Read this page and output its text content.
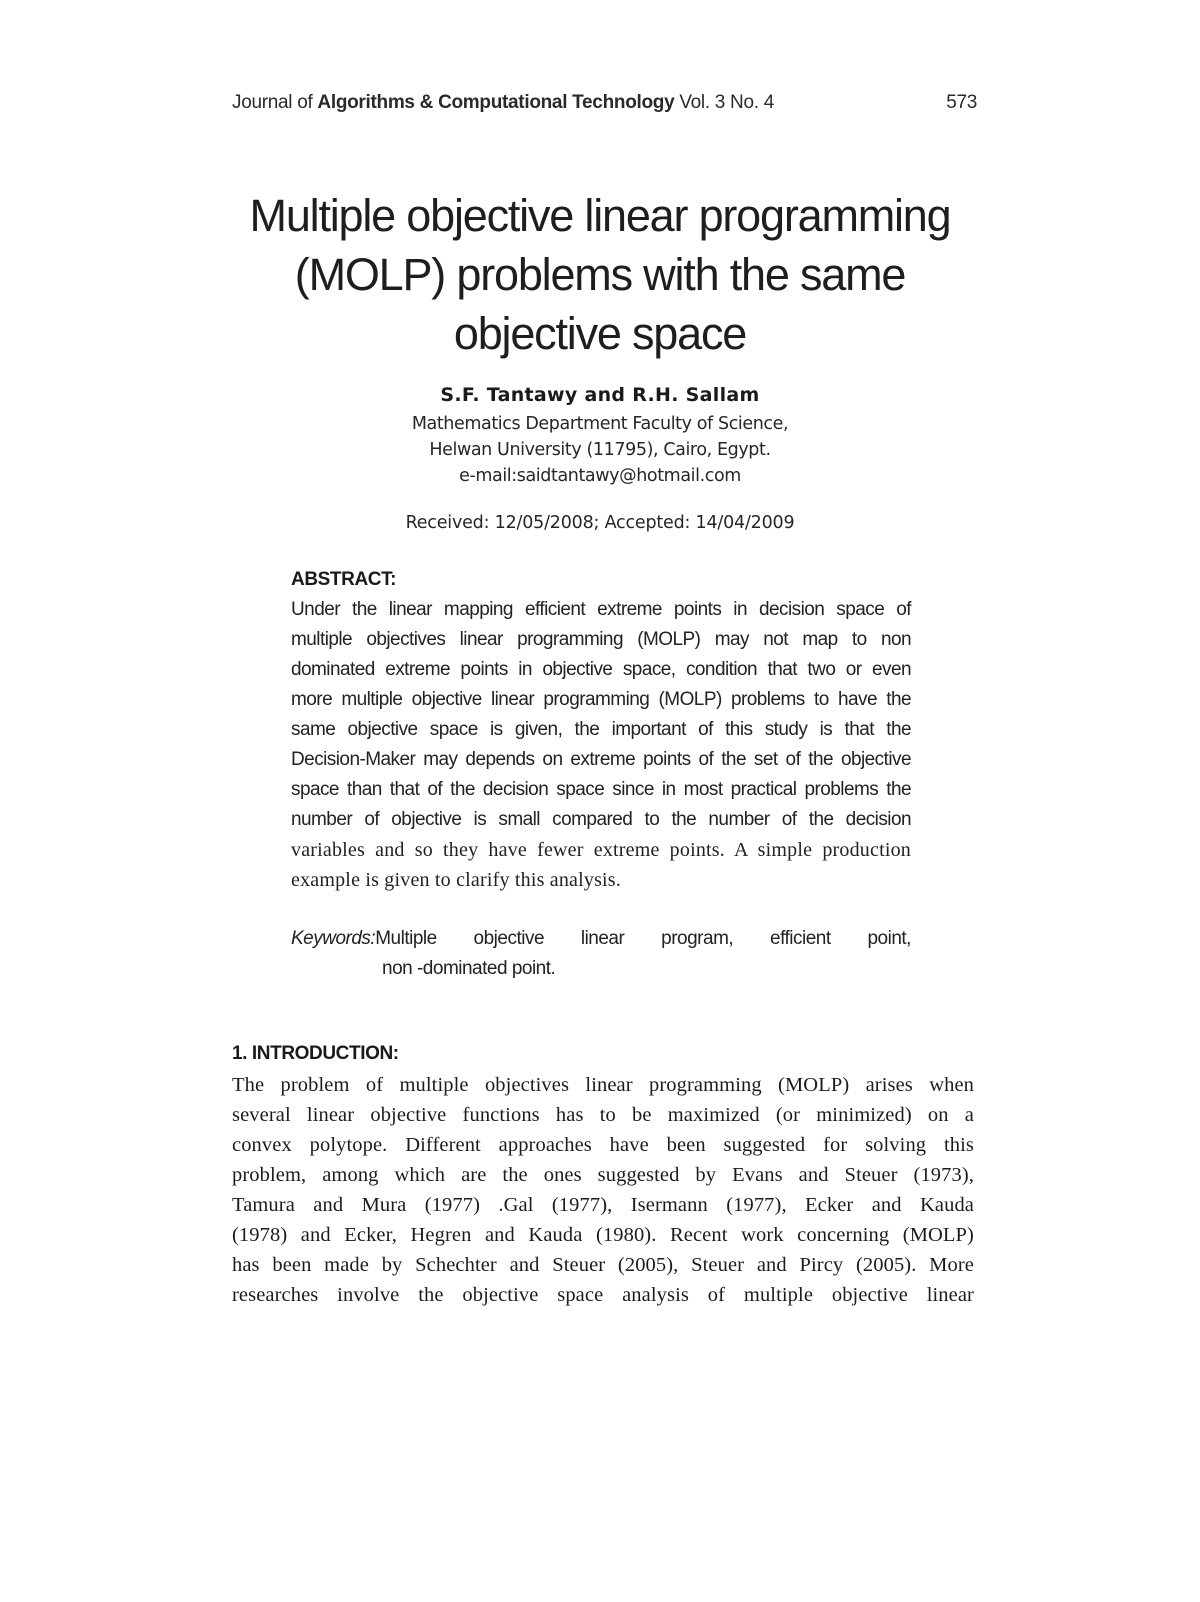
Journal of Algorithms & Computational Technology Vol. 3 No. 4	573
Multiple objective linear programming
(MOLP) problems with the same
objective space
S.F. Tantawy and R.H. Sallam
Mathematics Department Faculty of Science,
Helwan University (11795), Cairo, Egypt.
e-mail:saidtantawy@hotmail.com
Received: 12/05/2008; Accepted: 14/04/2009
ABSTRACT:
Under the linear mapping efficient extreme points in decision space of
multiple objectives linear programming (MOLP) may not map to non
dominated extreme points in objective space, condition that two or even
more multiple objective linear programming (MOLP) problems to have the
same objective space is given, the important of this study is that the
Decision-Maker may depends on extreme points of the set of the objective
space than that of the decision space since in most practical problems the
number of objective is small compared to the number of the decision
variables and so they have fewer extreme points. A simple production
example is given to clarify this analysis.
Keywords:Multiple objective linear program, efficient point,
non -dominated point.
1. INTRODUCTION:
The problem of multiple objectives linear programming (MOLP) arises when
several linear objective functions has to be maximized (or minimized) on a
convex polytope. Different approaches have been suggested for solving this
problem, among which are the ones suggested by Evans and Steuer (1973),
Tamura and Mura (1977) .Gal (1977), Isermann (1977), Ecker and Kauda
(1978) and Ecker, Hegren and Kauda (1980). Recent work concerning (MOLP)
has been made by Schechter and Steuer (2005), Steuer and Pircy (2005). More
researches involve the objective space analysis of multiple objective linear
